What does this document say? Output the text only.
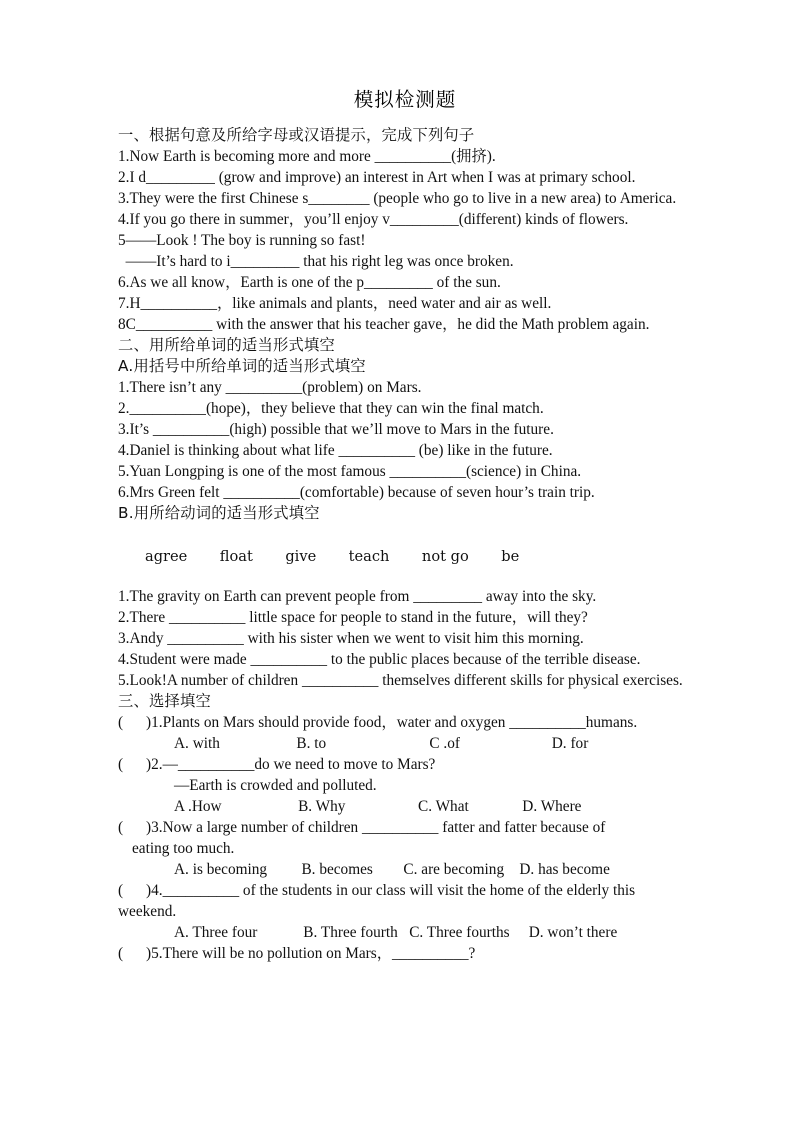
模拟检测题

一、根据句意及所给字母或汉语提示，完成下列句子

1.Now Earth is becoming more and more __________(拥挤).

2.I d_________ (grow and improve) an interest in Art when I was at primary school.

3.They were the first Chinese s________ (people who go to live in a new area) to America.

4.If you go there in summer，you’ll enjoy v_________(different) kinds of flowers.

5——Look ! The boy is running so fast!

——It’s hard to i_________ that his right leg was once broken.

6.As we all know，Earth is one of the p_________ of the sun.

7.H__________，like animals and plants，need water and air as well.

8C__________ with the answer that his teacher gave，he did the Math problem again.

二、用所给单词的适当形式填空

A.用括号中所给单词的适当形式填空

1.There isn’t any __________(problem) on Mars.

2.__________(hope)，they believe that they can win the final match.

3.It’s __________(high) possible that we’ll move to Mars in the future.

4.Daniel is thinking about what life __________ (be) like in the future.

5.Yuan Longping is one of the most famous __________(science) in China.

6.Mrs Green felt __________(comfortable) because of seven hour’s train trip.

B.用所给动词的适当形式填空

agree       float       give       teach       not go       be

1.The gravity on Earth can prevent people from _________ away into the sky.

2.There __________ little space for people to stand in the future，will they?

3.Andy __________ with his sister when we went to visit him this morning.

4.Student were made __________ to the public places because of the terrible disease.

5.Look!A number of children __________ themselves different skills for physical exercises.

三、选择填空

(      )1.Plants on Mars should provide food，water and oxygen __________humans.

A. with                    B. to                           C .of                        D. for

(      )2.—__________do we need to move to Mars?

—Earth is crowded and polluted.

A .How                    B. Why                   C. What              D. Where

(      )3.Now a large number of children __________ fatter and fatter because of

eating too much.

A. is becoming         B. becomes        C. are becoming    D. has become

(      )4.__________ of the students in our class will visit the home of the elderly this

weekend.

A. Three four            B. Three fourth   C. Three fourths     D. won’t there

(      )5.There will be no pollution on Mars，__________?
